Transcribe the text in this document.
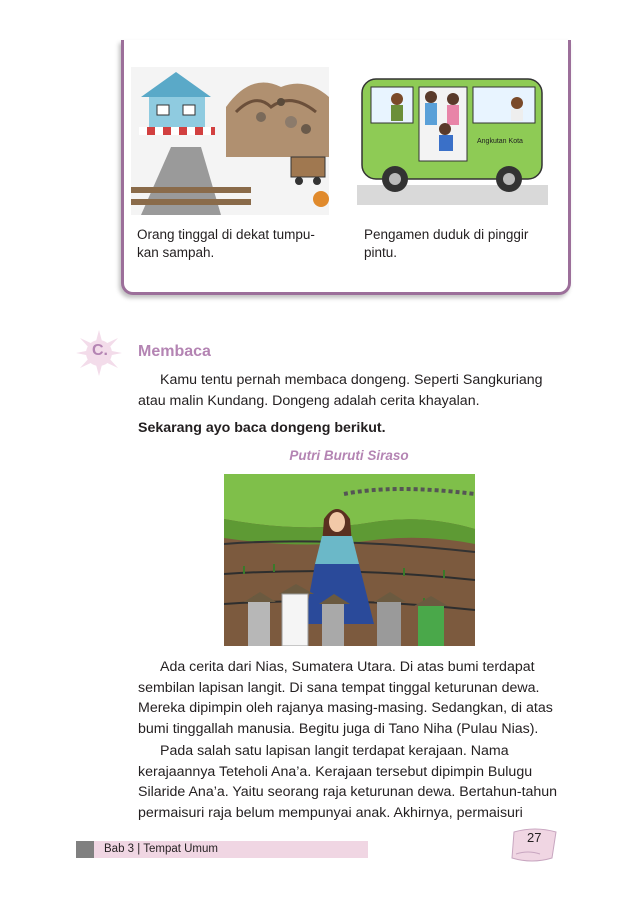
Angkutan Kota
Orang tinggal di dekat tumpu-
kan sampah.
Pengamen duduk di pinggir
pintu.
C.	Membaca
Kamu tentu pernah membaca dongeng. Seperti Sangkuriang
atau malin Kundang. Dongeng adalah cerita khayalan.
Sekarang ayo baca dongeng berikut.
Putri Buruti Siraso
Ada cerita dari Nias, Sumatera Utara. Di atas bumi terdapat
sembilan lapisan langit. Di sana tempat tinggal keturunan dewa.
Mereka dipimpin oleh rajanya masing-masing. Sedangkan, di atas
bumi tinggallah manusia. Begitu juga di Tano Niha (Pulau Nias).
Pada salah satu lapisan langit terdapat kerajaan. Nama
kerajaannya Teteholi Ana’a. Kerajaan tersebut dipimpin Bulugu
Silaride Ana’a. Yaitu seorang raja keturunan dewa. Bertahun-tahun
permaisuri raja belum mempunyai anak. Akhirnya, permaisuri
Bab 3 | Tempat Umum
27
